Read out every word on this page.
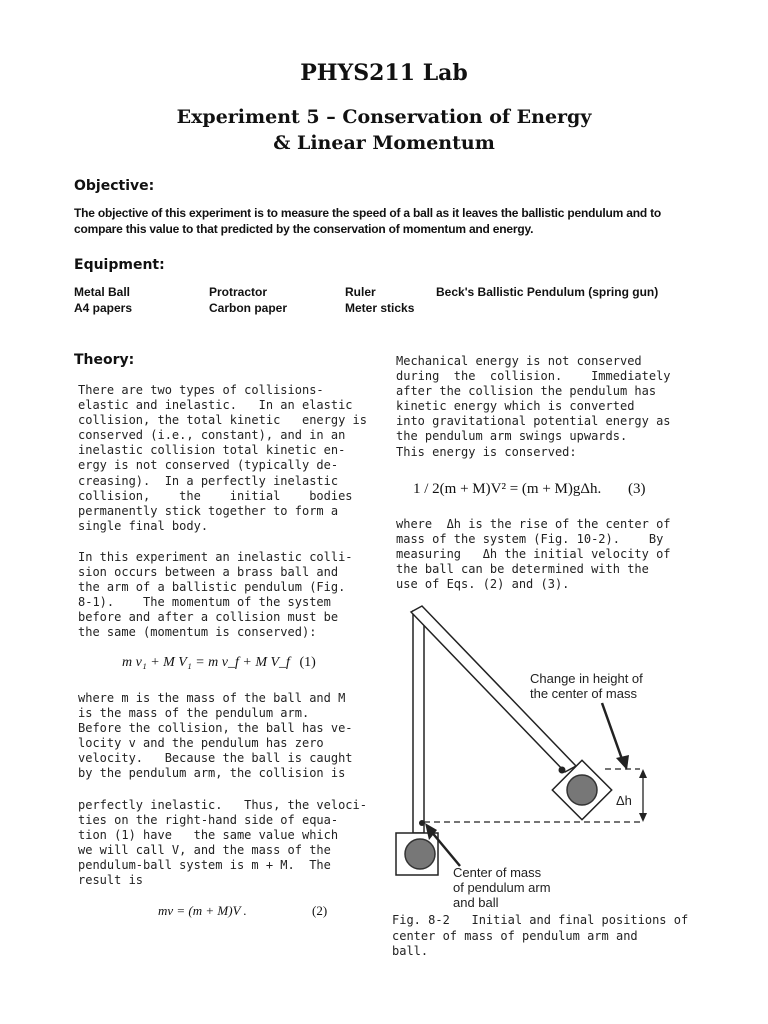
PHYS211 Lab
Experiment 5 – Conservation of Energy
& Linear Momentum
Objective:
The objective of this experiment is to measure the speed of a ball as it leaves the ballistic pendulum and to
compare this value to that predicted by the conservation of momentum and energy.
Equipment:
Metal Ball	Protractor	Ruler	Beck's Ballistic Pendulum (spring gun)
A4 papers	Carbon paper	Meter sticks
Theory:
There are two types of collisions-
elastic and inelastic.   In an elastic
collision, the total kinetic   energy is
conserved (i.e., constant), and in an
inelastic collision total kinetic en-
ergy is not conserved (typically de-
creasing).  In a perfectly inelastic
collision,    the    initial    bodies
permanently stick together to form a
single final body.
In this experiment an inelastic colli-
sion occurs between a brass ball and
the arm of a ballistic pendulum (Fig.
8-1).    The momentum of the system
before and after a collision must be
the same (momentum is conserved):
m v₁ + M V₁ = m v_f + M V_f (1)
where m is the mass of the ball and M
is the mass of the pendulum arm.
Before the collision, the ball has ve-
locity v and the pendulum has zero
velocity.   Because the ball is caught
by the pendulum arm, the collision is
perfectly inelastic.   Thus, the veloci-
ties on the right-hand side of equa-
tion (1) have   the same value which
we will call V, and the mass of the
pendulum-ball system is m + M.  The
result is
mv = (m + M)V .	(2)
Mechanical energy is not conserved
during  the  collision.    Immediately
after the collision the pendulum has
kinetic energy which is converted
into gravitational potential energy as
the pendulum arm swings upwards.
This energy is conserved:
1 / 2(m + M)V² = (m + M)gΔh. (3)
where  Δh is the rise of the center of
mass of the system (Fig. 10-2).    By
measuring   Δh the initial velocity of
the ball can be determined with the
use of Eqs. (2) and (3).
Change in height of
the center of mass
Δh
Center of mass
of pendulum arm
and ball
Fig. 8-2   Initial and final positions of
center of mass of pendulum arm and
ball.
